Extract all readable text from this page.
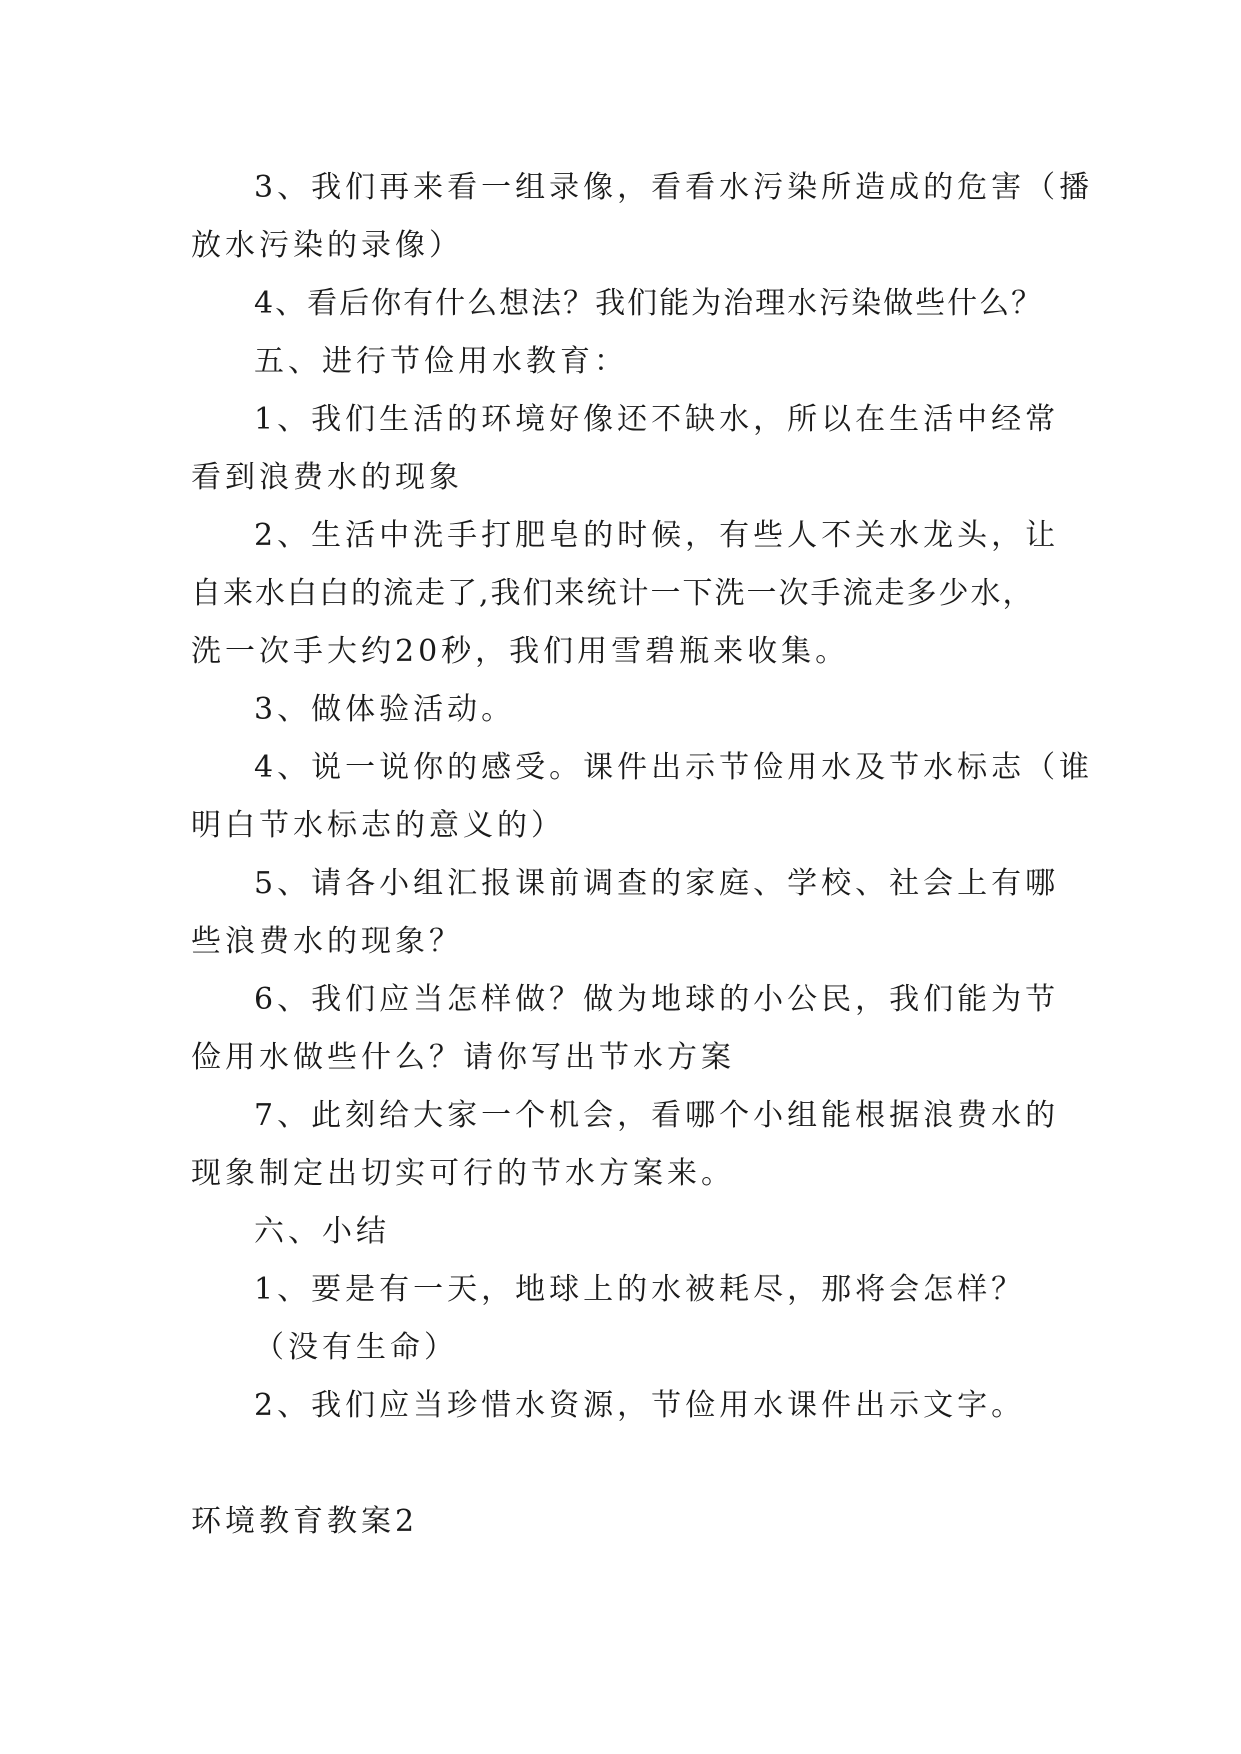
3、我们再来看一组录像，看看水污染所造成的危害（播
放水污染的录像）
4、看后你有什么想法？我们能为治理水污染做些什么？
五、进行节俭用水教育：
1、我们生活的环境好像还不缺水，所以在生活中经常
看到浪费水的现象
2、生活中洗手打肥皂的时候，有些人不关水龙头，让
自来水白白的流走了,我们来统计一下洗一次手流走多少水，
洗一次手大约20秒，我们用雪碧瓶来收集。
3、做体验活动。
4、说一说你的感受。课件出示节俭用水及节水标志（谁
明白节水标志的意义的）
5、请各小组汇报课前调查的家庭、学校、社会上有哪
些浪费水的现象？
6、我们应当怎样做？做为地球的小公民，我们能为节
俭用水做些什么？请你写出节水方案
7、此刻给大家一个机会，看哪个小组能根据浪费水的
现象制定出切实可行的节水方案来。
六、小结
1、要是有一天，地球上的水被耗尽，那将会怎样？
（没有生命）
2、我们应当珍惜水资源，节俭用水课件出示文字。
环境教育教案2
